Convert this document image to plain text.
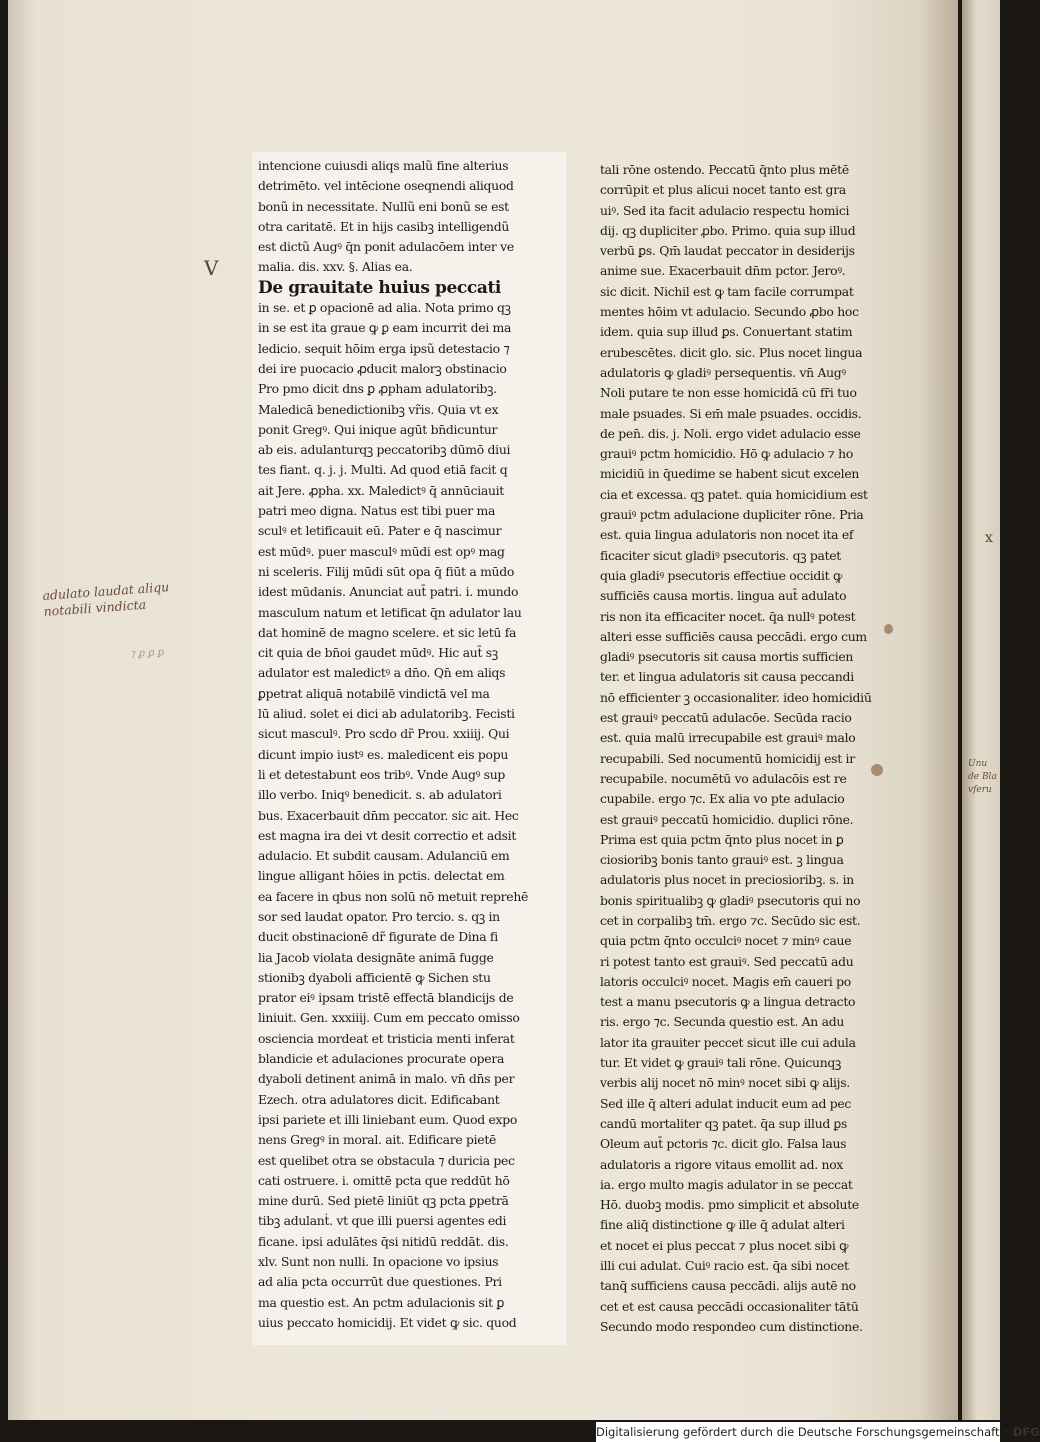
V
adulato laudat aliqu
notabili vindicta
⁊ ꝑ ꝑ ꝑ
x
Unu
de Bla
vferu
intencione cuiusdi aliqs malũ fine alterius
detrimēto. vel intēcione oseqnendi aliquod
bonũ in necessitate. Nullũ eni bonũ se est
otra caritatē. Et in hijs casibꝫ intelligendũ
est dictũ Augꝰ q̄n ponit adulacōem inter ve
malia. dis. xxv. §. Alias ea.
De grauitate huius peccati
in se. et ꝑ opacionē ad alia. Nota primo qꝫ
in se est ita graue ꝙ ꝑ eam incurrit dei ma
ledicio. sequit hōim erga ipsũ detestacio ⁊
dei ire puocacio ꝓducit malorꝫ obstinacio
Pro pmo dicit dns ꝑ ꝓpham adulatoribꝫ.
Maledicā benedictionibꝫ vr̃is. Quia vt ex
ponit Gregꝰ. Qui inique agūt bn̄dicuntur
ab eis. adulanturqꝫ peccatoribꝫ dūmō diui
tes fiant. q. j. j. Multi. Ad quod etiā facit q
ait Jere. ꝓpha. xx. Maledictꝰ q̄ annūciauit
patri meo digna. Natus est tibi puer ma
sculꝰ et letificauit eū. Pater e q̄ nascimur
est mūdꝰ. puer masculꝰ mūdi est opꝰ mag
ni sceleris. Filij mūdi sūt opa q̄ fiūt a mūdo
idest mūdanis. Anunciat aut̄ patri. i. mundo
masculum natum et letificat q̄n adulator lau
dat hominē de magno scelere. et sic letū fa
cit quia de bn̄oi gaudet mūdꝰ. Hic aut̄ sꝫ
adulator est maledictꝰ a dn̄o. Qn̄ em aliqs
ꝑpetrat aliquā notabilē vindictā vel ma
lū aliud. solet ei dici ab adulatoribꝫ. Fecisti
sicut masculꝰ. Pro scdo dr̃ Prou. xxiiij. Qui
dicunt impio iustꝰ es. maledicent eis popu
li et detestabunt eos tribꝰ. Vnde Augꝰ sup
illo verbo. Iniqꝰ benedicit. s. ab adulatori
bus. Exacerbauit dn̄m peccator. sic ait. Hec
est magna ira dei vt desit correctio et adsit
adulacio. Et subdit causam. Adulanciū em
lingue alligant hōies in pctis. delectat em
ea facere in qbus non solū nō metuit reprehē
sor sed laudat opator. Pro tercio. s. qꝫ in
ducit obstinacionē dr̃ figurate de Dina fi
lia Jacob violata designāte animā fugge
stionibꝫ dyaboli afficientē ꝙ Sichen stu
prator eiꝰ ipsam tristē effectā blandicijs de
liniuit. Gen. xxxiiij. Cum em peccato omisso
osciencia mordeat et tristicia menti inferat
blandicie et adulaciones procurate opera
dyaboli detinent animā in malo. vn̄ dn̄s per
Ezech. otra adulatores dicit. Edificabant
ipsi pariete et illi liniebant eum. Quod expo
nens Gregꝰ in moral. ait. Edificare pietē
est quelibet otra se obstacula ⁊ duricia pec
cati ostruere. i. omittē pcta que reddūt hō
mine durū. Sed pietē liniūt qꝫ pcta ꝑpetrā
tibꝫ adulanṫ. vt que illi puersi agentes edi
ficane. ipsi adulātes q̄si nitidū reddāt. dis.
xlv. Sunt non nulli. In opacione vo ipsius
ad alia pcta occurrūt due questiones. Pri
ma questio est. An pctm adulacionis sit ꝑ
uius peccato homicidij. Et videt ꝙ sic. quod
tali rōne ostendo. Peccatū q̄nto plus mētē
corrūpit et plus alicui nocet tanto est gra
uiꝰ. Sed ita facit adulacio respectu homici
dij. qꝫ dupliciter ꝓbo. Primo. quia sup illud
verbū ꝑs. Qm̄ laudat peccator in desiderijs
anime sue. Exacerbauit dn̄m pctor. Jeroꝰ.
sic dicit. Nichil est ꝙ tam facile corrumpat
mentes hōim vt adulacio. Secundo ꝓbo hoc
idem. quia sup illud ꝑs. Conuertant statim
erubescētes. dicit glo. sic. Plus nocet lingua
adulatoris ꝙ gladiꝰ persequentis. vn̄ Augꝰ
Noli putare te non esse homicidā cū fr̄i tuo
male psuades. Si em̄ male psuades. occidis.
de pen̄. dis. j. Noli. ergo videt adulacio esse
grauiꝰ pctm homicidio. Hō ꝙ adulacio ⁊ ho
micidiū in q̄uedime se habent sicut excelen
cia et excessa. qꝫ patet. quia homicidium est
grauiꝰ pctm adulacione dupliciter rōne. Pria
est. quia lingua adulatoris non nocet ita ef
ficaciter sicut gladiꝰ psecutoris. qꝫ patet
quia gladiꝰ psecutoris effectiue occidit ꝙ
sufficiēs causa mortis. lingua aut̄ adulato
ris non ita efficaciter nocet. q̄a nullꝰ potest
alteri esse sufficiēs causa peccādi. ergo cum
gladiꝰ psecutoris sit causa mortis sufficien
ter. et lingua adulatoris sit causa peccandi
nō efficienter ꝫ occasionaliter. ideo homicidiū
est grauiꝰ peccatū adulacōe. Secūda racio
est. quia malū irrecupabile est grauiꝰ malo
recupabili. Sed nocumentū homicidij est ir
recupabile. nocumētū vo adulacōis est re
cupabile. ergo ⁊c. Ex alia vo pte adulacio
est grauiꝰ peccatū homicidio. duplici rōne.
Prima est quia pctm q̄nto plus nocet in ꝑ
ciosioribꝫ bonis tanto grauiꝰ est. ꝫ lingua
adulatoris plus nocet in preciosioribꝫ. s. in
bonis spiritualibꝫ ꝙ gladiꝰ psecutoris qui no
cet in corpalibꝫ tm̄. ergo ⁊c. Secūdo sic est.
quia pctm q̄nto occulciꝰ nocet ⁊ minꝰ caue
ri potest tanto est grauiꝰ. Sed peccatū adu
latoris occulciꝰ nocet. Magis em̄ caueri po
test a manu psecutoris ꝙ a lingua detracto
ris. ergo ⁊c. Secunda questio est. An adu
lator ita grauiter peccet sicut ille cui adula
tur. Et videt ꝙ grauiꝰ tali rōne. Quicunqꝫ
verbis alij nocet nō minꝰ nocet sibi ꝙ alijs.
Sed ille q̄ alteri adulat inducit eum ad pec
candū mortaliter qꝫ patet. q̄a sup illud ꝑs
Oleum aut̄ pctoris ⁊c. dicit glo. Falsa laus
adulatoris a rigore vitaus emollit ad. nox
ia. ergo multo magis adulator in se peccat
Hō. duobꝫ modis. pmo simplicit et absolute
fine aliq̄ distinctione ꝙ ille q̄ adulat alteri
et nocet ei plus peccat ⁊ plus nocet sibi ꝙ
illi cui adulat. Cuiꝰ racio est. q̄a sibi nocet
tanq̄ sufficiens causa peccādi. alijs autē no
cet et est causa peccādi occasionaliter tātū
Secundo modo respondeo cum distinctione.
Digitalisierung gefördert durch die Deutsche Forschungsgemeinschaft • DFG
